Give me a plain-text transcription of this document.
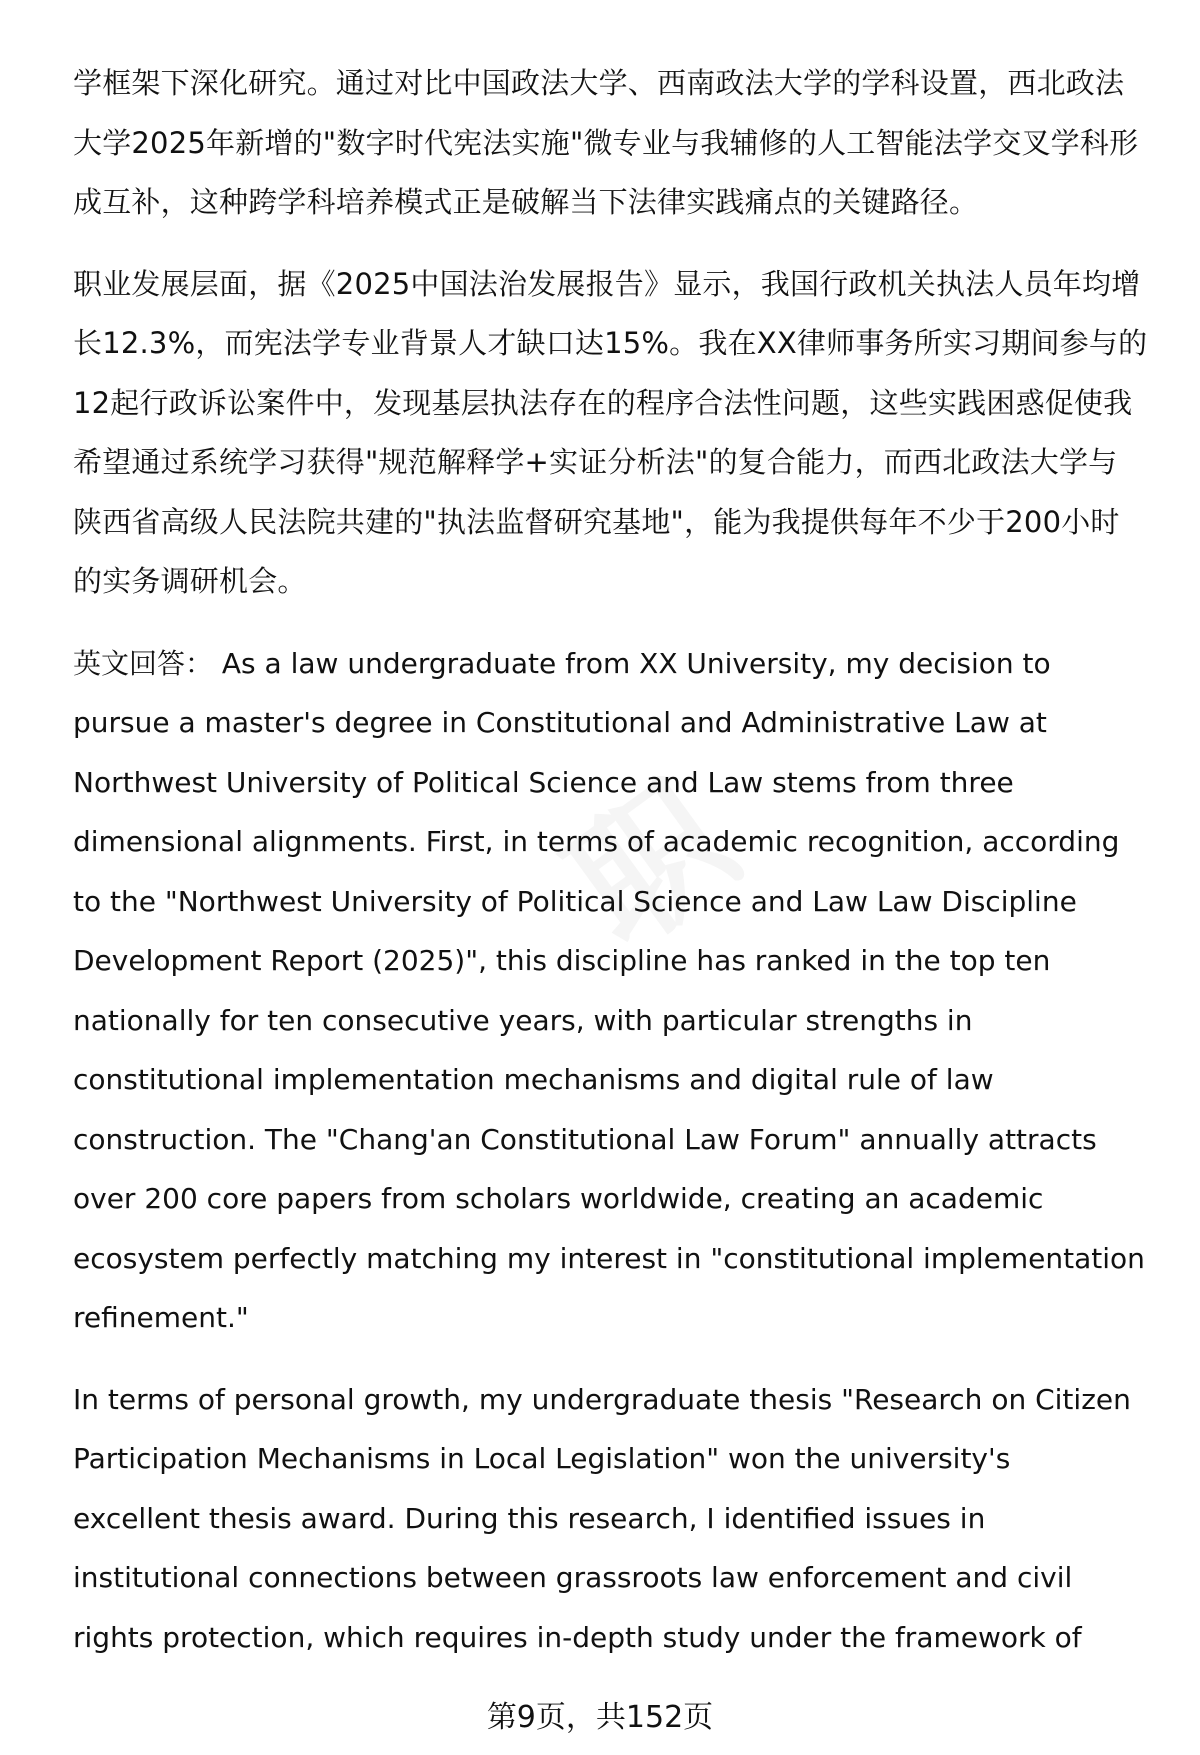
学框架下深化研究。通过对比中国政法大学、西南政法大学的学科设置，西北政法
大学2025年新增的"数字时代宪法实施"微专业与我辅修的人工智能法学交叉学科形
成互补，这种跨学科培养模式正是破解当下法律实践痛点的关键路径。

职业发展层面，据《2025中国法治发展报告》显示，我国行政机关执法人员年均增
长12.3%，而宪法学专业背景人才缺口达15%。我在XX律师事务所实习期间参与的
12起行政诉讼案件中，发现基层执法存在的程序合法性问题，这些实践困惑促使我
希望通过系统学习获得"规范解释学+实证分析法"的复合能力，而西北政法大学与
陕西省高级人民法院共建的"执法监督研究基地"，能为我提供每年不少于200小时
的实务调研机会。

英文回答： As a law undergraduate from XX University, my decision to
pursue a master's degree in Constitutional and Administrative Law at
Northwest University of Political Science and Law stems from three
dimensional alignments. First, in terms of academic recognition, according
to the "Northwest University of Political Science and Law Law Discipline
Development Report (2025)", this discipline has ranked in the top ten
nationally for ten consecutive years, with particular strengths in
constitutional implementation mechanisms and digital rule of law
construction. The "Chang'an Constitutional Law Forum" annually attracts
over 200 core papers from scholars worldwide, creating an academic
ecosystem perfectly matching my interest in "constitutional implementation
refinement."

In terms of personal growth, my undergraduate thesis "Research on Citizen
Participation Mechanisms in Local Legislation" won the university's
excellent thesis award. During this research, I identified issues in
institutional connections between grassroots law enforcement and civil
rights protection, which requires in-depth study under the framework of

第9页，共152页
